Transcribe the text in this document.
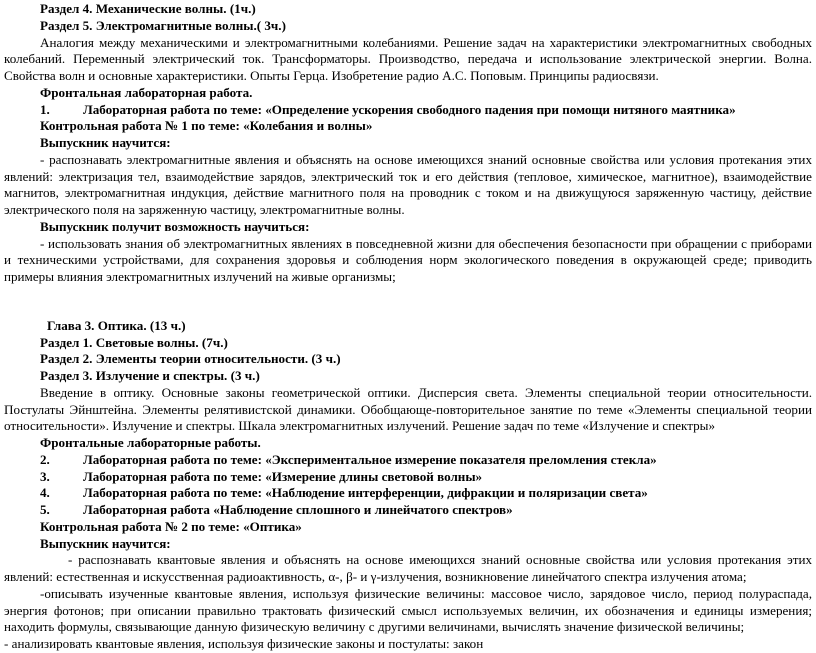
Раздел 4. Механические волны. (1ч.)

Раздел 5. Электромагнитные волны.( 3ч.)

Аналогия между механическими и электромагнитными колебаниями. Решение задач на характеристики электромагнитных свободных колебаний. Переменный электрический ток. Трансформаторы. Производство, передача и использование электрической энергии. Волна. Свойства волн и основные характеристики. Опыты Герца. Изобретение радио А.С. Поповым. Принципы радиосвязи.

Фронтальная лабораторная работа.

1.	Лабораторная работа по теме: «Определение ускорения свободного падения при помощи нитяного маятника»

Контрольная работа № 1 по теме: «Колебания и волны»

Выпускник научится:

- распознавать электромагнитные явления и объяснять на основе имеющихся знаний основные свойства или условия протекания этих явлений: электризация тел, взаимодействие зарядов, электрический ток и его действия (тепловое, химическое, магнитное), взаимодействие магнитов, электромагнитная индукция, действие магнитного поля на проводник с током и на движущуюся заряженную частицу, действие электрического поля на заряженную частицу, электромагнитные волны.

Выпускник получит возможность научиться:

- использовать знания об электромагнитных явлениях в повседневной жизни для обеспечения безопасности при обращении с приборами и техническими устройствами, для сохранения здоровья и соблюдения норм экологического поведения в окружающей среде; приводить примеры влияния электромагнитных излучений на живые организмы;

Глава 3. Оптика. (13 ч.)

Раздел 1. Световые волны. (7ч.)

Раздел 2. Элементы теории относительности. (3 ч.)

Раздел 3. Излучение и спектры. (3 ч.)

Введение в оптику. Основные законы геометрической оптики. Дисперсия света. Элементы специальной теории относительности. Постулаты Эйнштейна. Элементы релятивистской динамики. Обобщающе-повторительное занятие по теме «Элементы специальной теории относительности». Излучение и спектры. Шкала электромагнитных излучений. Решение задач по теме «Излучение и спектры»

Фронтальные лабораторные работы.

2.	Лабораторная работа по теме: «Экспериментальное измерение показателя преломления стекла»

3.	Лабораторная работа по теме: «Измерение длины световой волны»

4.	Лабораторная работа по теме: «Наблюдение интерференции, дифракции и поляризации света»

5.	Лабораторная работа «Наблюдение сплошного и линейчатого спектров»

Контрольная работа № 2 по теме: «Оптика»

Выпускник научится:

- распознавать квантовые явления и объяснять на основе имеющихся знаний основные свойства или условия протекания этих явлений: естественная и искусственная радиоактивность, α-, β- и γ-излучения, возникновение линейчатого спектра излучения атома;

-описывать изученные квантовые явления, используя физические величины: массовое число, зарядовое число, период полураспада, энергия фотонов; при описании правильно трактовать физический смысл используемых величин, их обозначения и единицы измерения; находить формулы, связывающие данную физическую величину с другими величинами, вычислять значение физической величины;

- анализировать квантовые явления, используя физические законы и постулаты: закон
